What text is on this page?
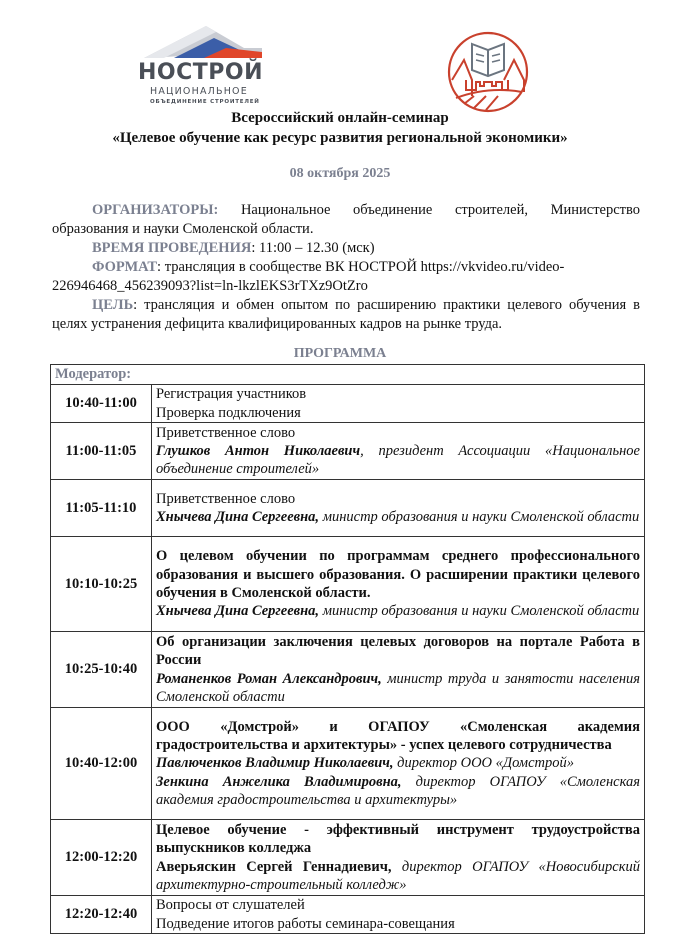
НОСТРОЙ
НАЦИОНАЛЬНОЕ
ОБЪЕДИНЕНИЕ СТРОИТЕЛЕЙ
Всероссийский онлайн-семинар
«Целевое обучение как ресурс развития региональной экономики»
08 октября 2025

ОРГАНИЗАТОРЫ: Национальное объединение строителей, Министерство образования и науки Смоленской области.

ВРЕМЯ ПРОВЕДЕНИЯ: 11:00 – 12.30 (мск)

ФОРМАТ: трансляция в сообществе ВК НОСТРОЙ https://vkvideo.ru/video-226946468_456239093?list=ln-lkzlEKS3rTXz9OtZro

ЦЕЛЬ: трансляция и обмен опытом по расширению практики целевого обучения в целях устранения дефицита квалифицированных кадров на рынке труда.

ПРОГРАММА
Модератор:	
10:40-11:00	Регистрация участников
Проверка подключения

11:00-11:05	Приветственное слово
Глушков Антон Николаевич, президент Ассоциации «Национальное объединение строителей»

11:05-11:10	Приветственное слово
Хнычева Дина Сергеевна, министр образования и науки Смоленской области

10:10-10:25	О целевом обучении по программам среднего профессионального образования и высшего образования. О расширении практики целевого обучения в Смоленской области.
Хнычева Дина Сергеевна, министр образования и науки Смоленской области

10:25-10:40	Об организации заключения целевых договоров на портале Работа в России
Романенков Роман Александрович, министр труда и занятости населения Смоленской области

10:40-12:00	ООО «Домстрой» и ОГАПОУ «Смоленская академия градостроительства и архитектуры» - успех целевого сотрудничества
Павлюченков Владимир Николаевич, директор ООО «Домстрой»
Зенкина Анжелика Владимировна, директор ОГАПОУ «Смоленская академия градостроительства и архитектуры»

12:00-12:20	Целевое обучение - эффективный инструмент трудоустройства выпускников колледжа
Аверьяскин Сергей Геннадиевич, директор ОГАПОУ «Новосибирский архитектурно-строительный колледж»

12:20-12:40	Вопросы от слушателей
Подведение итогов работы семинара-совещания
